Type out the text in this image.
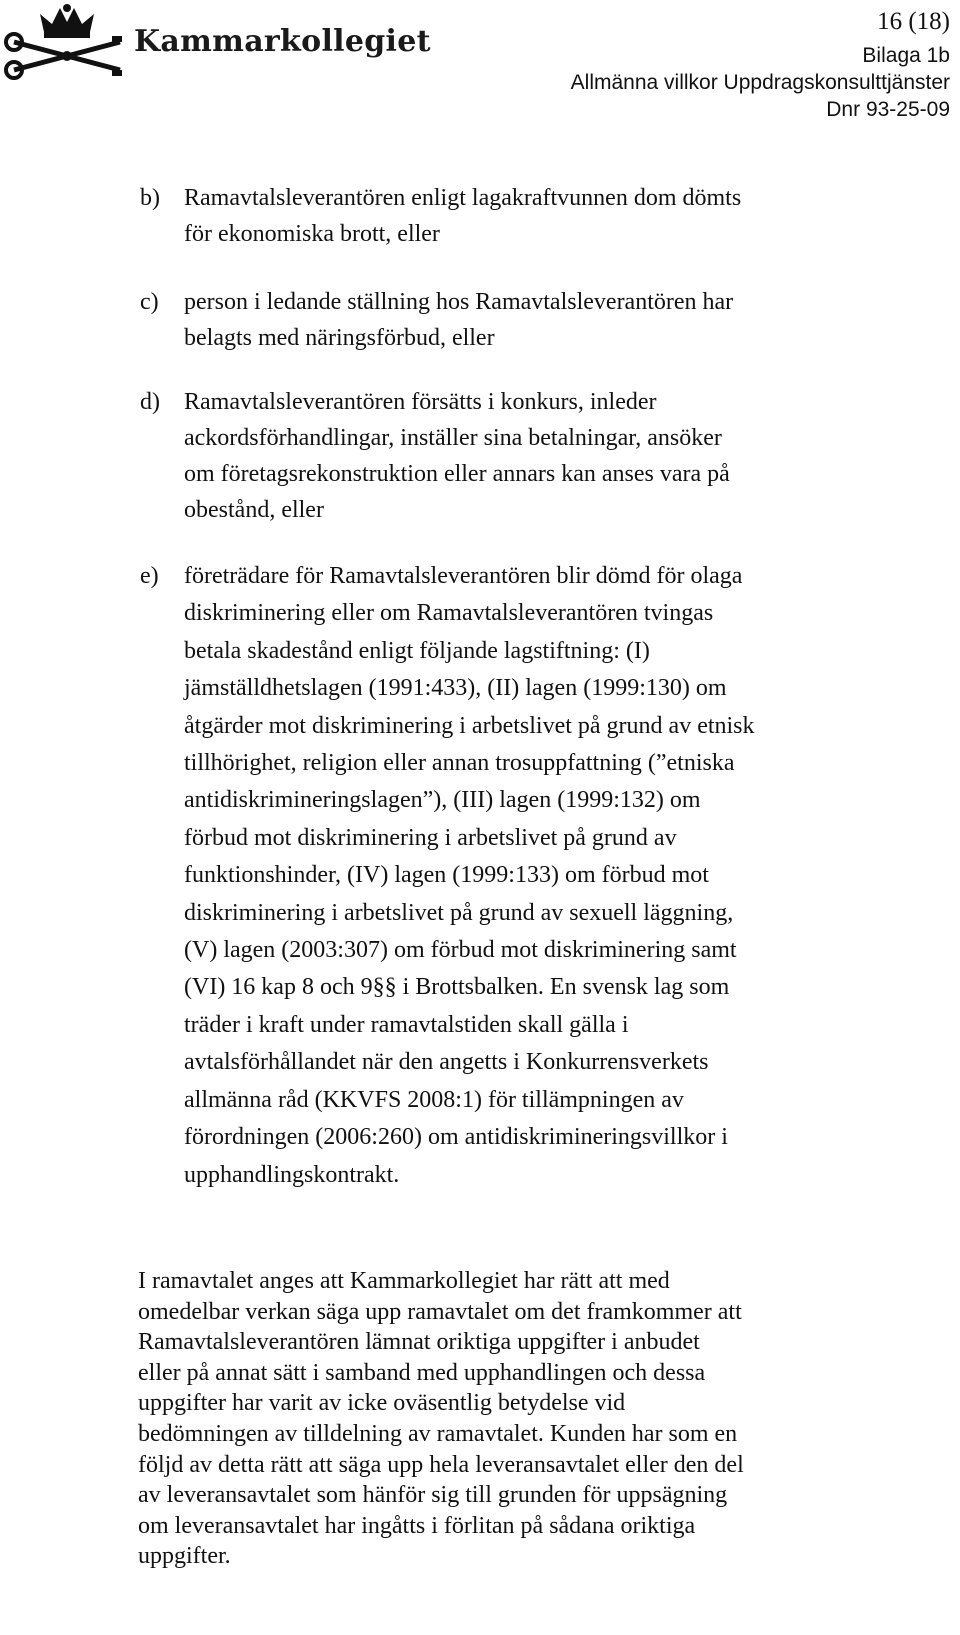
Kammarkollegiet
16 (18)
Bilaga 1b
Allmänna villkor Uppdragskonsulttjänster
Dnr 93-25-09
b) Ramavtalsleverantören enligt lagakraftvunnen dom dömts
för ekonomiska brott, eller
c) person i ledande ställning hos Ramavtalsleverantören har
belagts med näringsförbud, eller
d) Ramavtalsleverantören försätts i konkurs, inleder
ackordsförhandlingar, inställer sina betalningar, ansöker
om företagsrekonstruktion eller annars kan anses vara på
obestånd, eller
e) företrädare för Ramavtalsleverantören blir dömd för olaga
diskriminering eller om Ramavtalsleverantören tvingas
betala skadestånd enligt följande lagstiftning: (I)
jämställdhetslagen (1991:433), (II) lagen (1999:130) om
åtgärder mot diskriminering i arbetslivet på grund av etnisk
tillhörighet, religion eller annan trosuppfattning (”etniska
antidiskrimineringslagen”), (III) lagen (1999:132) om
förbud mot diskriminering i arbetslivet på grund av
funktionshinder, (IV) lagen (1999:133) om förbud mot
diskriminering i arbetslivet på grund av sexuell läggning,
(V) lagen (2003:307) om förbud mot diskriminering samt
(VI) 16 kap 8 och 9§§ i Brottsbalken. En svensk lag som
träder i kraft under ramavtalstiden skall gälla i
avtalsförhållandet när den angetts i Konkurrensverkets
allmänna råd (KKVFS 2008:1) för tillämpningen av
förordningen (2006:260) om antidiskrimineringsvillkor i
upphandlingskontrakt.
I ramavtalet anges att Kammarkollegiet har rätt att med
omedelbar verkan säga upp ramavtalet om det framkommer att
Ramavtalsleverantören lämnat oriktiga uppgifter i anbudet
eller på annat sätt i samband med upphandlingen och dessa
uppgifter har varit av icke oväsentlig betydelse vid
bedömningen av tilldelning av ramavtalet. Kunden har som en
följd av detta rätt att säga upp hela leveransavtalet eller den del
av leveransavtalet som hänför sig till grunden för uppsägning
om leveransavtalet har ingåtts i förlitan på sådana oriktiga
uppgifter.
